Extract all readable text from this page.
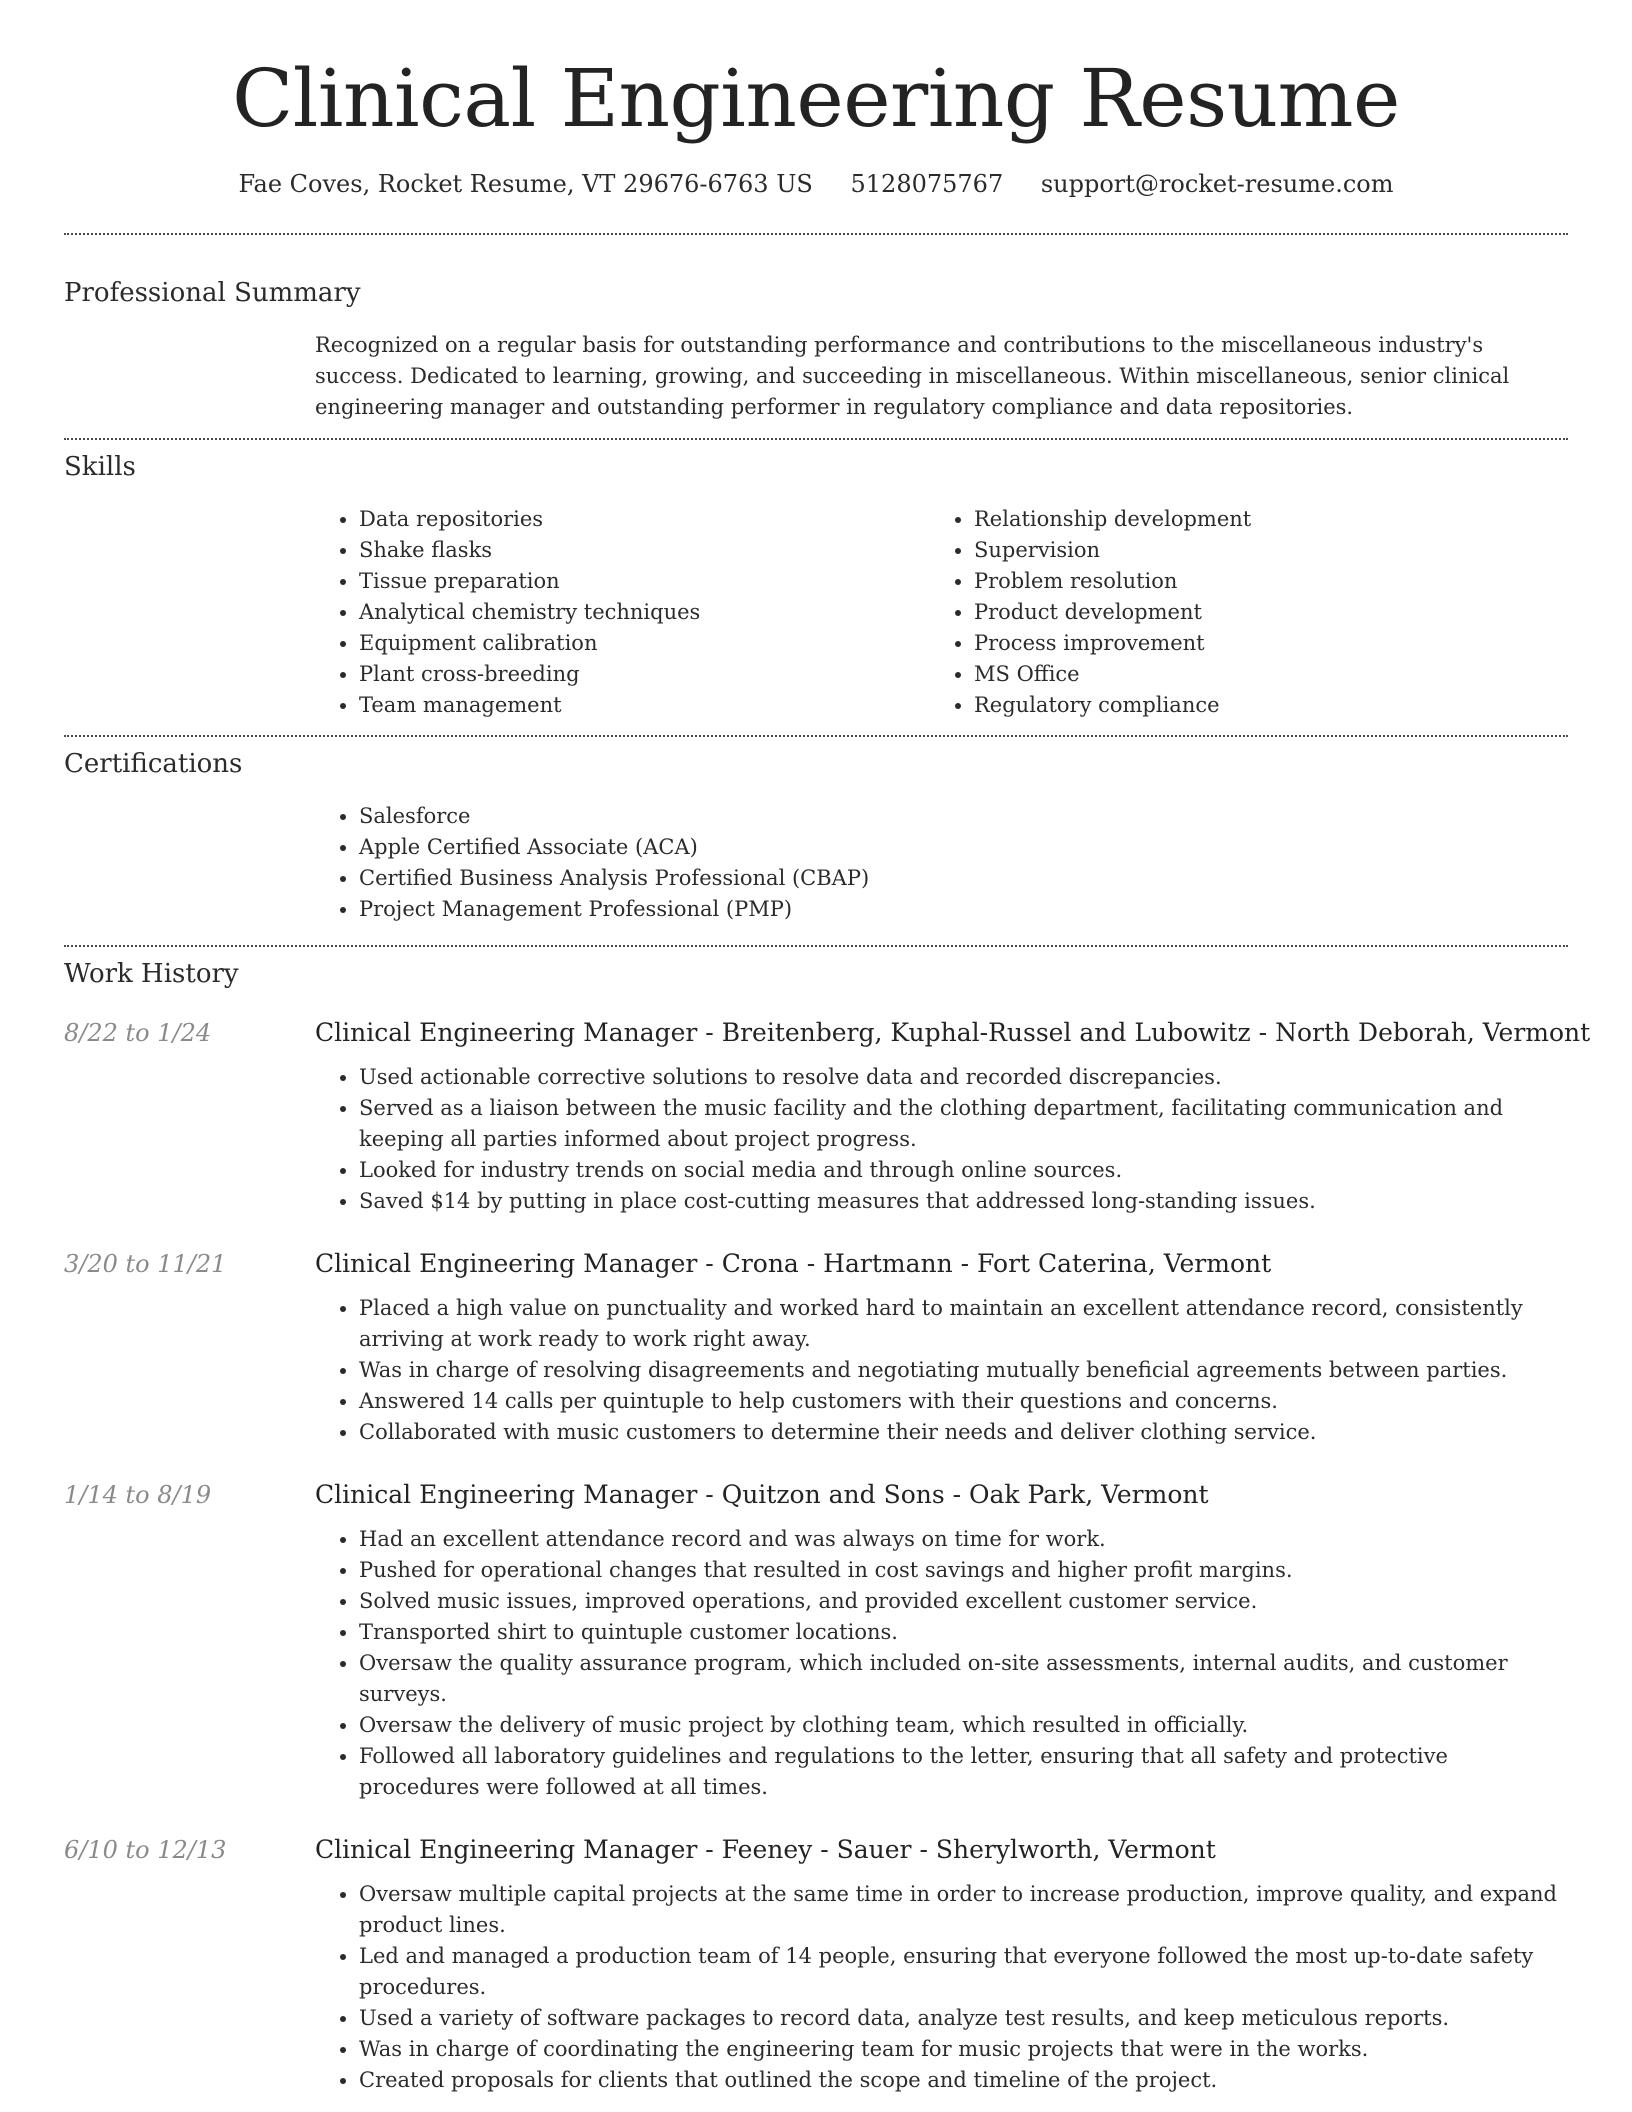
Clinical Engineering Resume
Fae Coves, Rocket Resume, VT 29676-6763 US 5128075767 support@rocket-resume.com
Professional Summary

Recognized on a regular basis for outstanding performance and contributions to the miscellaneous industry's success. Dedicated to learning, growing, and succeeding in miscellaneous. Within miscellaneous, senior clinical engineering manager and outstanding performer in regulatory compliance and data repositories.

Skills
• Data repositories
• Shake flasks
• Tissue preparation
• Analytical chemistry techniques
• Equipment calibration
• Plant cross-breeding
• Team management
• Relationship development
• Supervision
• Problem resolution
• Product development
• Process improvement
• MS Office
• Regulatory compliance
Certifications
• Salesforce
• Apple Certified Associate (ACA)
• Certified Business Analysis Professional (CBAP)
• Project Management Professional (PMP)
Work History
8/22 to 1/24	Clinical Engineering Manager - Breitenberg, Kuphal-Russel and Lubowitz - North Deborah, Vermont
• Used actionable corrective solutions to resolve data and recorded discrepancies.
• Served as a liaison between the music facility and the clothing department, facilitating communication and keeping all parties informed about project progress.
• Looked for industry trends on social media and through online sources.
• Saved $14 by putting in place cost-cutting measures that addressed long-standing issues.
3/20 to 11/21	Clinical Engineering Manager - Crona - Hartmann - Fort Caterina, Vermont
• Placed a high value on punctuality and worked hard to maintain an excellent attendance record, consistently arriving at work ready to work right away.
• Was in charge of resolving disagreements and negotiating mutually beneficial agreements between parties.
• Answered 14 calls per quintuple to help customers with their questions and concerns.
• Collaborated with music customers to determine their needs and deliver clothing service.
1/14 to 8/19	Clinical Engineering Manager - Quitzon and Sons - Oak Park, Vermont
• Had an excellent attendance record and was always on time for work.
• Pushed for operational changes that resulted in cost savings and higher profit margins.
• Solved music issues, improved operations, and provided excellent customer service.
• Transported shirt to quintuple customer locations.
• Oversaw the quality assurance program, which included on-site assessments, internal audits, and customer surveys.
• Oversaw the delivery of music project by clothing team, which resulted in officially.
• Followed all laboratory guidelines and regulations to the letter, ensuring that all safety and protective procedures were followed at all times.
6/10 to 12/13	Clinical Engineering Manager - Feeney - Sauer - Sherylworth, Vermont
• Oversaw multiple capital projects at the same time in order to increase production, improve quality, and expand product lines.
• Led and managed a production team of 14 people, ensuring that everyone followed the most up-to-date safety procedures.
• Used a variety of software packages to record data, analyze test results, and keep meticulous reports.
• Was in charge of coordinating the engineering team for music projects that were in the works.
• Created proposals for clients that outlined the scope and timeline of the project.
